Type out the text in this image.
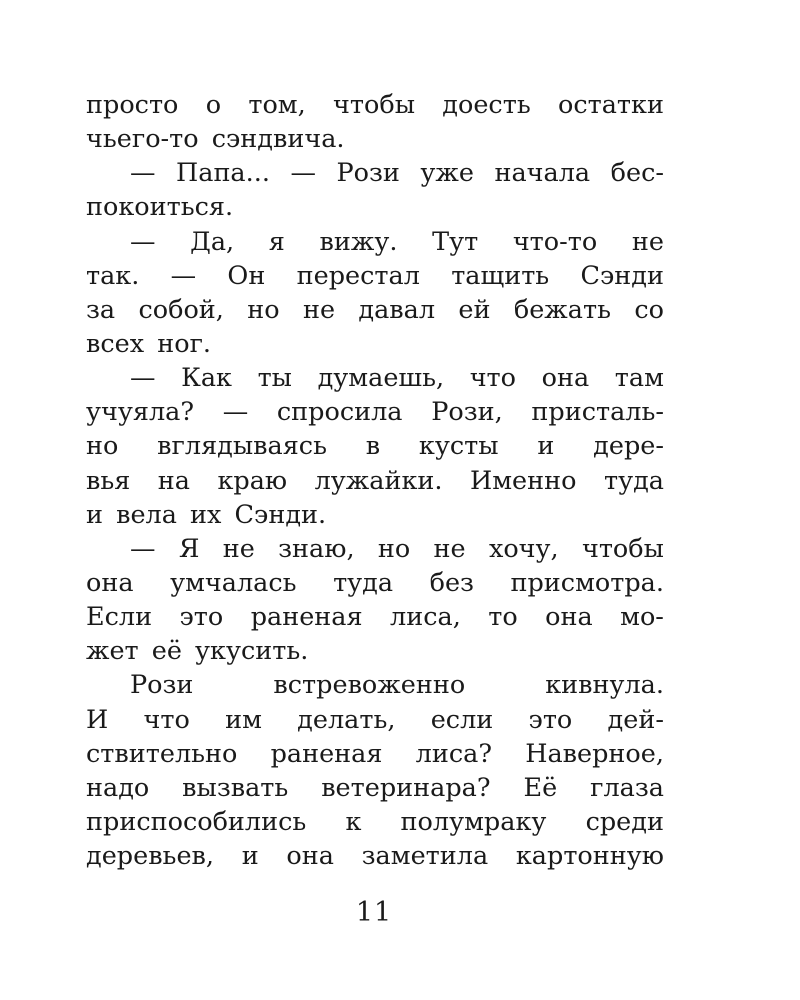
просто о том, чтобы доесть остатки
чьего-то сэндвича.
— Папа... — Рози уже начала бес-
покоиться.
— Да, я вижу. Тут что-то не
так. — Он перестал тащить Сэнди
за собой, но не давал ей бежать со
всех ног.
— Как ты думаешь, что она там
учуяла? — спросила Рози, присталь-
но вглядываясь в кусты и дере-
вья на краю лужайки. Именно туда
и вела их Сэнди.
— Я не знаю, но не хочу, чтобы
она умчалась туда без присмотра.
Если это раненая лиса, то она мо-
жет её укусить.
Рози	встревоженно	кивнула.
И что им делать, если это дей-
ствительно раненая лиса? Наверное,
надо вызвать ветеринара? Её глаза
приспособились к полумраку среди
деревьев, и она заметила картонную
11
